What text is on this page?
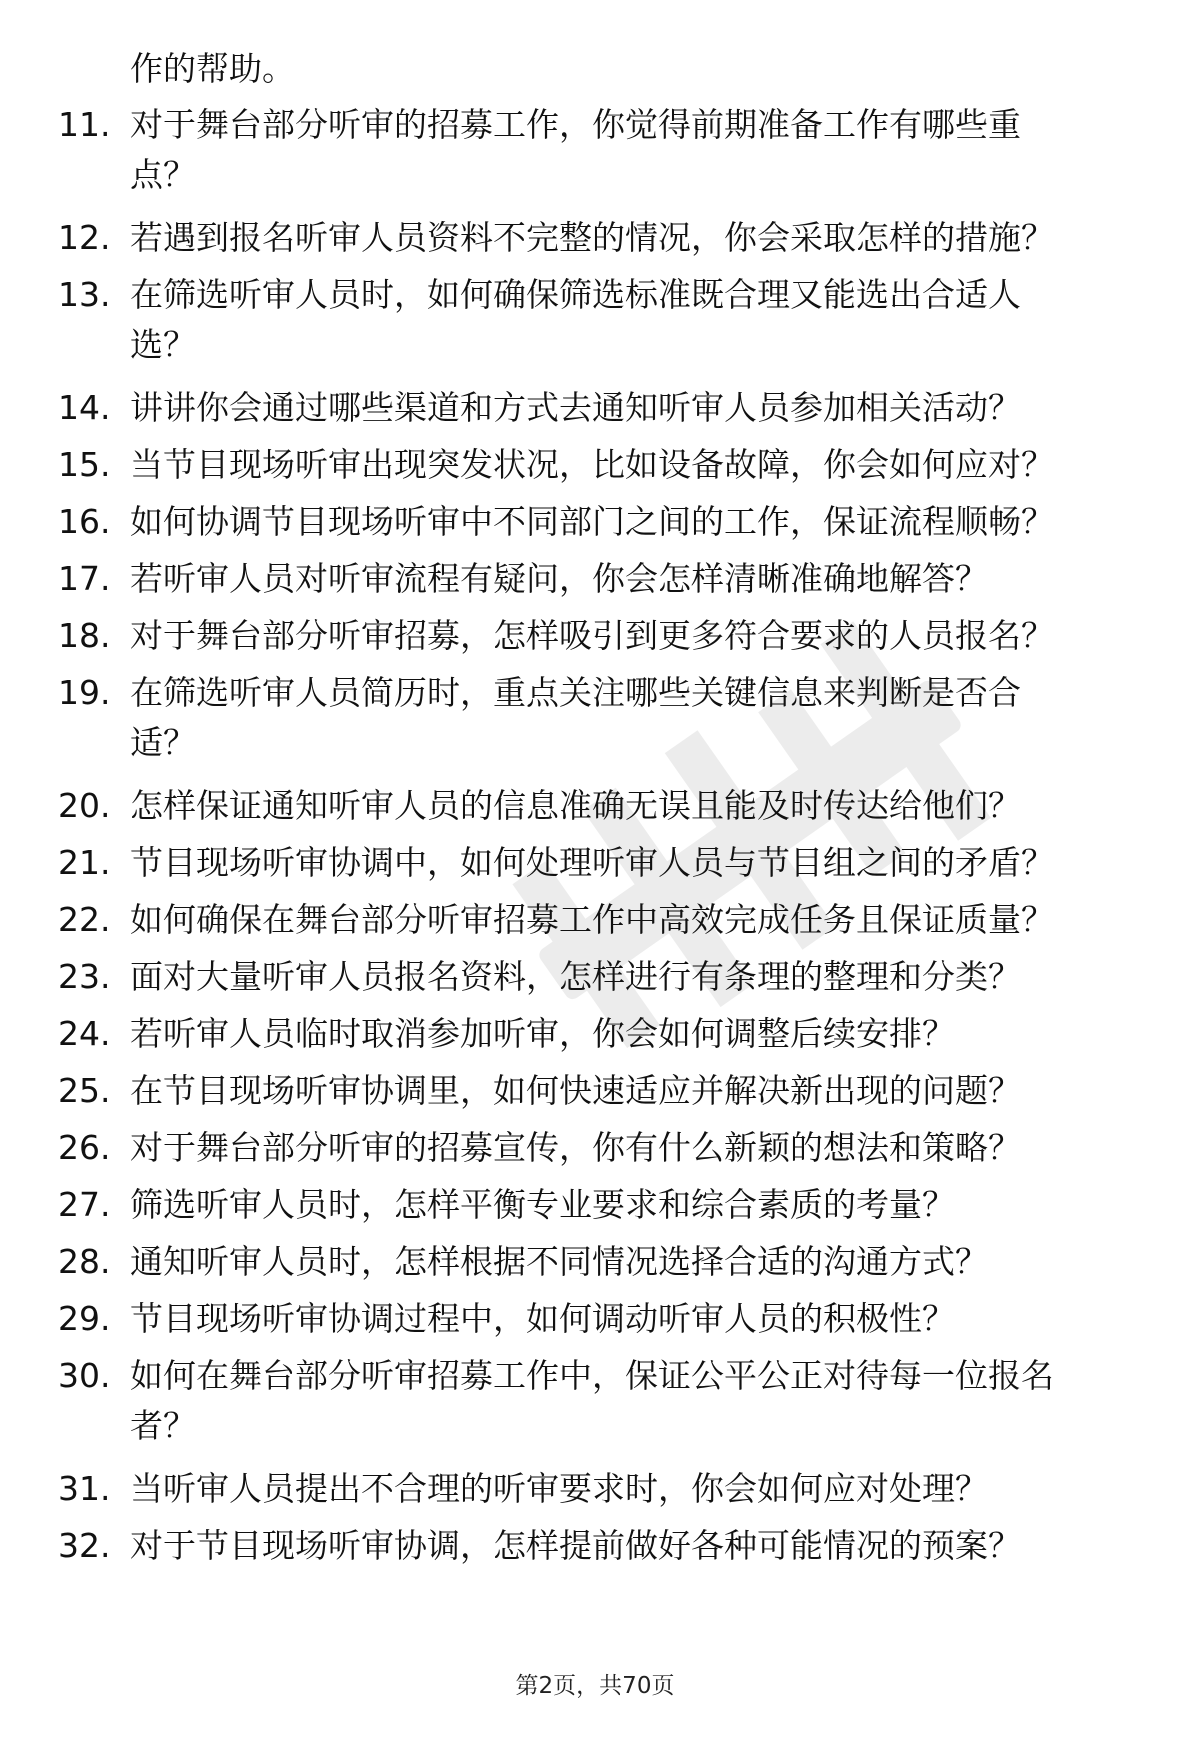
作的帮助。
11. 对于舞台部分听审的招募工作，你觉得前期准备工作有哪些重
点？
12. 若遇到报名听审人员资料不完整的情况，你会采取怎样的措施？
13. 在筛选听审人员时，如何确保筛选标准既合理又能选出合适人
选？
14. 讲讲你会通过哪些渠道和方式去通知听审人员参加相关活动？
15. 当节目现场听审出现突发状况，比如设备故障，你会如何应对？
16. 如何协调节目现场听审中不同部门之间的工作，保证流程顺畅？
17. 若听审人员对听审流程有疑问，你会怎样清晰准确地解答？
18. 对于舞台部分听审招募，怎样吸引到更多符合要求的人员报名？
19. 在筛选听审人员简历时，重点关注哪些关键信息来判断是否合
适？
20. 怎样保证通知听审人员的信息准确无误且能及时传达给他们？
21. 节目现场听审协调中，如何处理听审人员与节目组之间的矛盾？
22. 如何确保在舞台部分听审招募工作中高效完成任务且保证质量？
23. 面对大量听审人员报名资料，怎样进行有条理的整理和分类？
24. 若听审人员临时取消参加听审，你会如何调整后续安排？
25. 在节目现场听审协调里，如何快速适应并解决新出现的问题？
26. 对于舞台部分听审的招募宣传，你有什么新颖的想法和策略？
27. 筛选听审人员时，怎样平衡专业要求和综合素质的考量？
28. 通知听审人员时，怎样根据不同情况选择合适的沟通方式？
29. 节目现场听审协调过程中，如何调动听审人员的积极性？
30. 如何在舞台部分听审招募工作中，保证公平公正对待每一位报名
者？
31. 当听审人员提出不合理的听审要求时，你会如何应对处理？
32. 对于节目现场听审协调，怎样提前做好各种可能情况的预案？
第2页，共70页
